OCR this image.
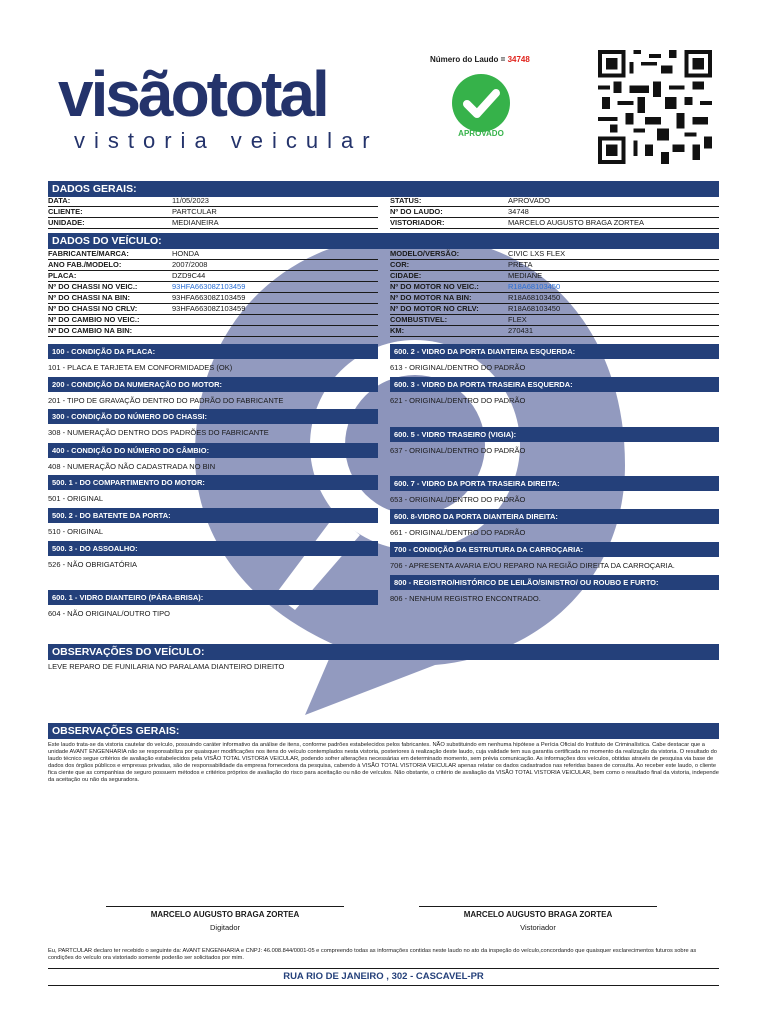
visãototal
vistoria veicular
Número do Laudo = 34748
APROVADO
DADOS GERAIS:
DATA:	11/05/2023
CLIENTE:	PARTCULAR
UNIDADE:	MEDIANEIRA
STATUS:	APROVADO
Nº DO LAUDO:	34748
VISTORIADOR:	MARCELO AUGUSTO BRAGA ZORTEA
DADOS DO VEÍCULO:
FABRICANTE/MARCA:	HONDA
ANO FAB./MODELO:	2007/2008
PLACA:	DZD9C44
Nº DO CHASSI NO VEIC.:	93HFA66308Z103459
Nº DO CHASSI NA BIN:	93HFA66308Z103459
Nº DO CHASSI NO CRLV:	93HFA66308Z103459
Nº DO CAMBIO NO VEIC.:
Nº DO CAMBIO NA BIN:
MODELO/VERSÃO:	CIVIC LXS FLEX
COR:	PRETA
CIDADE:	MEDIANE
Nº DO MOTOR NO VEIC.:	R18A68103450
Nº DO MOTOR NA BIN:	R18A68103450
Nº DO MOTOR NO CRLV:	R18A68103450
COMBUSTIVEL:	FLEX
KM:	270431
100 - CONDIÇÃO DA PLACA:
101 - PLACA E TARJETA EM CONFORMIDADES (OK)
200 - CONDIÇÃO DA NUMERAÇÃO DO MOTOR:
201 - TIPO DE GRAVAÇÃO DENTRO DO PADRÃO DO FABRICANTE
300 - CONDIÇÃO DO NÚMERO DO CHASSI:
308 - NUMERAÇÃO DENTRO DOS PADRÕES DO FABRICANTE
400 - CONDIÇÃO DO NÚMERO DO CÂMBIO:
408 - NUMERAÇÃO NÃO CADASTRADA NO BIN
500. 1 - DO COMPARTIMENTO DO MOTOR:
501 - ORIGINAL
500. 2 - DO BATENTE DA PORTA:
510 - ORIGINAL
500. 3 - DO ASSOALHO:
526 - NÃO OBRIGATÓRIA
600. 1 - VIDRO DIANTEIRO (PÁRA-BRISA):
604 - NÃO ORIGINAL/OUTRO TIPO
600. 2 - VIDRO DA PORTA DIANTEIRA ESQUERDA:
613 - ORIGINAL/DENTRO DO PADRÃO
600. 3 - VIDRO DA PORTA TRASEIRA ESQUERDA:
621 - ORIGINAL/DENTRO DO PADRÃO
600. 5 - VIDRO TRASEIRO (VIGIA):
637 - ORIGINAL/DENTRO DO PADRÃO
600. 7 - VIDRO DA PORTA TRASEIRA DIREITA:
653 - ORIGINAL/DENTRO DO PADRÃO
600. 8-VIDRO DA PORTA DIANTEIRA DIREITA:
661 - ORIGINAL/DENTRO DO PADRÃO
700 - CONDIÇÃO DA ESTRUTURA DA CARROÇARIA:
706 - APRESENTA AVARIA E/OU REPARO NA REGIÃO DIREITA DA CARROÇARIA.
800 - REGISTRO/HISTÓRICO DE LEILÃO/SINISTRO/ OU ROUBO E FURTO:
806 - NENHUM REGISTRO ENCONTRADO.
OBSERVAÇÕES DO VEÍCULO:
LEVE REPARO DE FUNILARIA NO PARALAMA DIANTEIRO DIREITO
OBSERVAÇÕES GERAIS:
Este laudo trata-se da vistoria cautelar do veículo, possuindo caráter informativo da análise de itens, conforme padrões estabelecidos pelos fabricantes. NÃO substituindo em nenhuma hipótese a Perícia Oficial do Instituto de Criminalística. Cabe destacar que a unidade AVANT ENGENHARIA não se responsabiliza por quaisquer modificações nos itens do veículo contemplados nesta vistoria, posteriores à realização deste laudo, cuja validade tem sua garantia certificada no momento da realização da vistoria. O resultado do laudo técnico segue critérios de avaliação estabelecidos pela VISÃO TOTAL VISTORIA VEICULAR, podendo sofrer alterações necessárias em determinado momento, sem prévia comunicação. As informações dos veículos, obtidas através de pesquisa via base de dados dos órgãos públicos e empresas privadas, são de responsabilidade da empresa fornecedora da pesquisa, cabendo à VISÃO TOTAL VISTORIA VEICULAR apenas relatar os dados cadastrados nas referidas bases de consulta. Ao receber este laudo, o cliente fica ciente que as companhias de seguro possuem métodos e critérios próprios de avaliação do risco para aceitação ou não de veículos. Não obstante, o critério de avaliação da VISÃO TOTAL VISTORIA VEICULAR, bem como o resultado final da vistoria, independe da aceitação ou não da seguradora.
MARCELO AUGUSTO BRAGA ZORTEA
Digitador
MARCELO AUGUSTO BRAGA ZORTEA
Vistoriador
Eu, PARTCULAR declaro ter recebido o seguinte da: AVANT ENGENHARIA e CNPJ: 46.008.844/0001-05 e compreendo todas as informações contidas neste laudo no ato da inspeção do veículo,concordando que quaisquer esclarecimentos futuros sobre as condições do veículo ora vistoriado somente poderão ser solicitados por mim.
RUA RIO DE JANEIRO , 302 - CASCAVEL-PR
